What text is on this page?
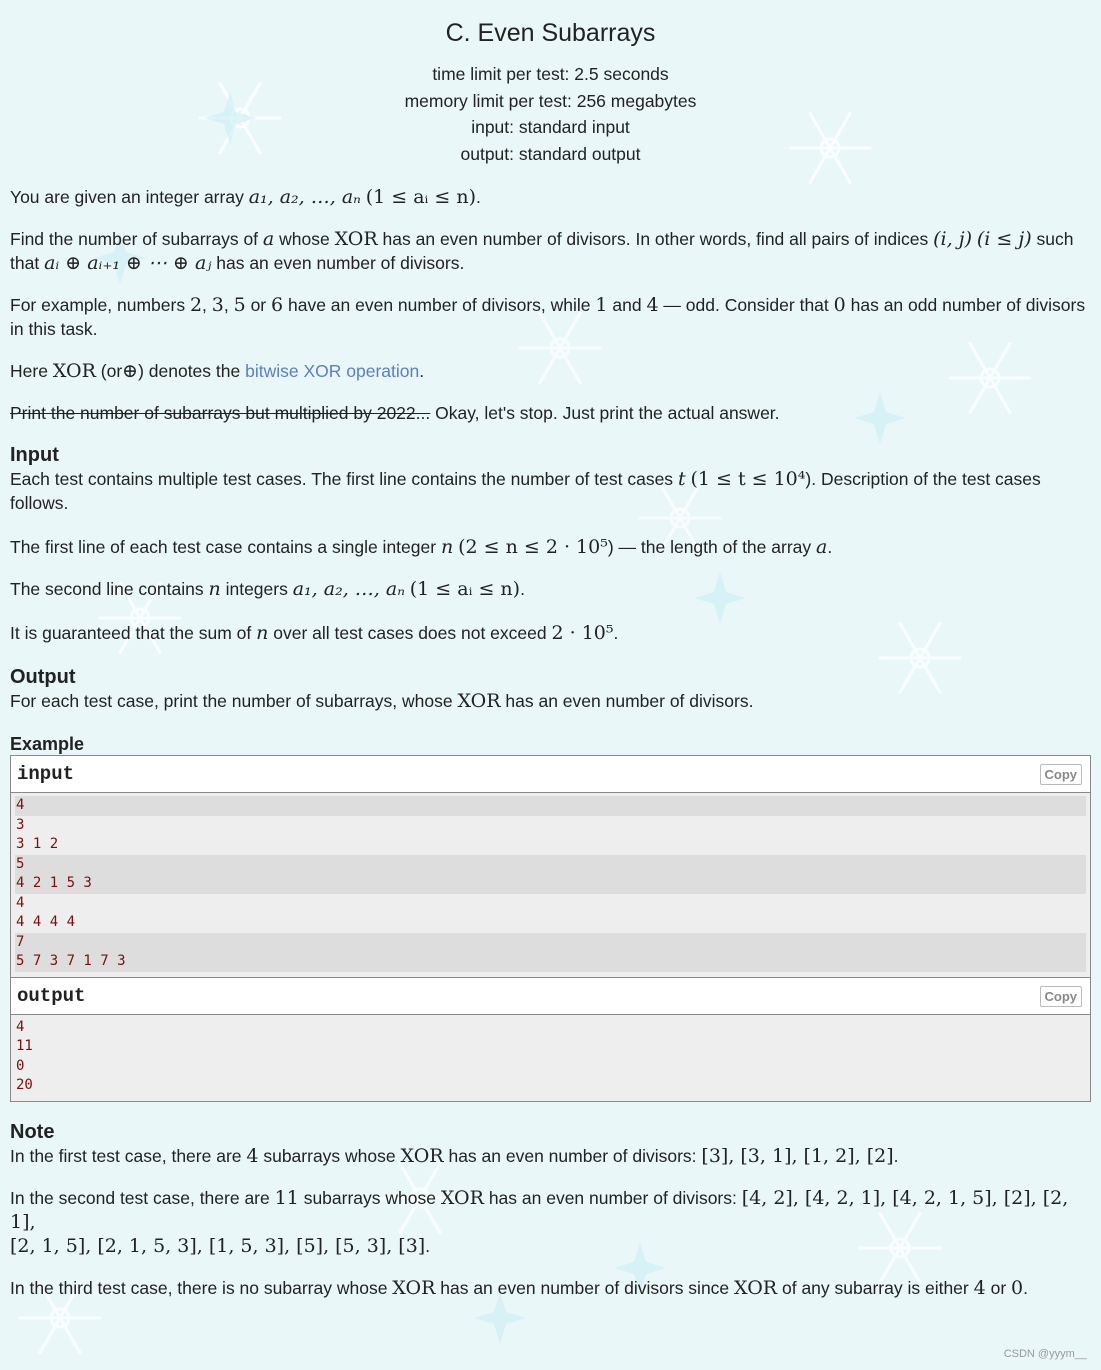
C. Even Subarrays
time limit per test: 2.5 seconds
memory limit per test: 256 megabytes
input: standard input
output: standard output

You are given an integer array a₁, a₂, …, aₙ (1 ≤ aᵢ ≤ n).

Find the number of subarrays of a whose XOR has an even number of divisors. In other words, find all pairs of indices (i, j) (i ≤ j) such
that aᵢ ⊕ aᵢ₊₁ ⊕ ⋯ ⊕ aⱼ has an even number of divisors.

For example, numbers 2, 3, 5 or 6 have an even number of divisors, while 1 and 4 — odd. Consider that 0 has an odd number of divisors
in this task.

Here XOR (or⊕) denotes the bitwise XOR operation.

Print the number of subarrays but multiplied by 2022... Okay, let's stop. Just print the actual answer.

Input

Each test contains multiple test cases. The first line contains the number of test cases t (1 ≤ t ≤ 10⁴). Description of the test cases
follows.

The first line of each test case contains a single integer n (2 ≤ n ≤ 2 · 10⁵) — the length of the array a.

The second line contains n integers a₁, a₂, …, aₙ (1 ≤ aᵢ ≤ n).

It is guaranteed that the sum of n over all test cases does not exceed 2 · 10⁵.

Output

For each test case, print the number of subarrays, whose XOR has an even number of divisors.

Example
input	Copy
4
3
3 1 2
5
4 2 1 5 3
4
4 4 4 4
7
5 7 3 7 1 7 3
output	Copy
4
11
0
20
Note

In the first test case, there are 4 subarrays whose XOR has an even number of divisors: [3], [3, 1], [1, 2], [2].

In the second test case, there are 11 subarrays whose XOR has an even number of divisors: [4, 2], [4, 2, 1], [4, 2, 1, 5], [2], [2, 1],
[2, 1, 5], [2, 1, 5, 3], [1, 5, 3], [5], [5, 3], [3].

In the third test case, there is no subarray whose XOR has an even number of divisors since XOR of any subarray is either 4 or 0.

CSDN @yyym__
